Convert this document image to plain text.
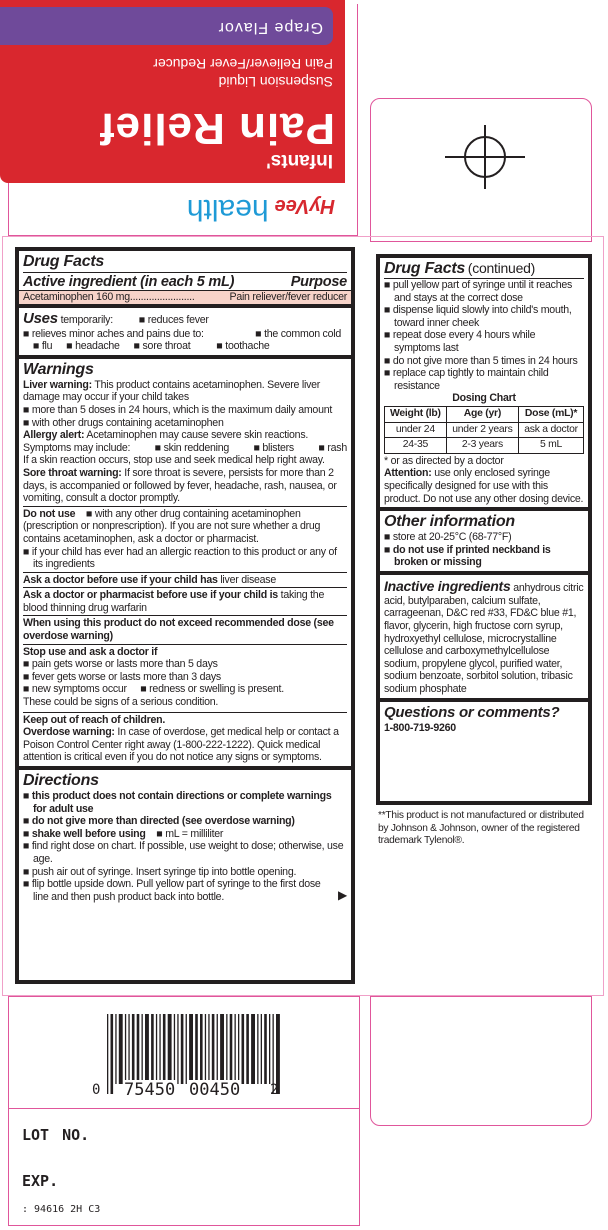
HyVee
health
Infants'
Pain Relief
Suspension Liquid
Pain Reliever/Fever Reducer
Grape Flavor
Drug Facts
Active ingredient (in each 5 mL)	Purpose
Acetaminophen 160 mg........................	Pain reliever/fever reducer
Uses temporarily: ■ reduces fever
■ relieves minor aches and pains due to:	■ the common cold
■ flu ■ headache ■ sore throat ■ toothache
Warnings
Liver warning: This product contains acetaminophen. Severe liver damage may occur if your child takes
■ more than 5 doses in 24 hours, which is the maximum daily amount
■ with other drugs containing acetaminophen
Allergy alert: Acetaminophen may cause severe skin reactions.
Symptoms may include: ■ skin reddening ■ blisters ■ rash
If a skin reaction occurs, stop use and seek medical help right away.
Sore throat warning: If sore throat is severe, persists for more than 2 days, is accompanied or followed by fever, headache, rash, nausea, or vomiting, consult a doctor promptly.
Do not use ■ with any other drug containing acetaminophen (prescription or nonprescription). If you are not sure whether a drug contains acetaminophen, ask a doctor or pharmacist.
■ if your child has ever had an allergic reaction to this product or any of its ingredients
Ask a doctor before use if your child has liver disease
Ask a doctor or pharmacist before use if your child is taking the blood thinning drug warfarin
When using this product do not exceed recommended dose (see overdose warning)
Stop use and ask a doctor if
■ pain gets worse or lasts more than 5 days
■ fever gets worse or lasts more than 3 days
■ new symptoms occur ■ redness or swelling is present.
These could be signs of a serious condition.
Keep out of reach of children.
Overdose warning: In case of overdose, get medical help or contact a Poison Control Center right away (1-800-222-1222). Quick medical attention is critical even if you do not notice any signs or symptoms.
Directions
■ this product does not contain directions or complete warnings for adult use
■ do not give more than directed (see overdose warning)
■ shake well before using ■ mL = milliliter
■ find right dose on chart. If possible, use weight to dose; otherwise, use age.
■ push air out of syringe. Insert syringe tip into bottle opening.
■ flip bottle upside down. Pull yellow part of syringe to the first dose line and then push product back into bottle.	▶
Drug Facts (continued)
■ pull yellow part of syringe until it reaches and stays at the correct dose
■ dispense liquid slowly into child's mouth, toward inner cheek
■ repeat dose every 4 hours while symptoms last
■ do not give more than 5 times in 24 hours
■ replace cap tightly to maintain child resistance
Dosing Chart
Weight (lb)	Age (yr)	Dose (mL)*
under 24	under 2 years	ask a doctor
24-35	2-3 years	5 mL
* or as directed by a doctor
Attention: use only enclosed syringe specifically designed for use with this product. Do not use any other dosing device.
Other information
■ store at 20-25°C (68-77°F)
■ do not use if printed neckband is broken or missing
Inactive ingredients anhydrous citric acid, butylparaben, calcium sulfate, carrageenan, D&C red #33, FD&C blue #1, flavor, glycerin, high fructose corn syrup, hydroxyethyl cellulose, microcrystalline cellulose and carboxymethylcellulose sodium, propylene glycol, purified water, sodium benzoate, sorbitol solution, tribasic sodium phosphate
Questions or comments?
1-800-719-9260
**This product is not manufactured or distributed by Johnson & Johnson, owner of the registered trademark Tylenol®.
0 75450 00450 2
LOT NO.
EXP.
: 94616 2H C3
